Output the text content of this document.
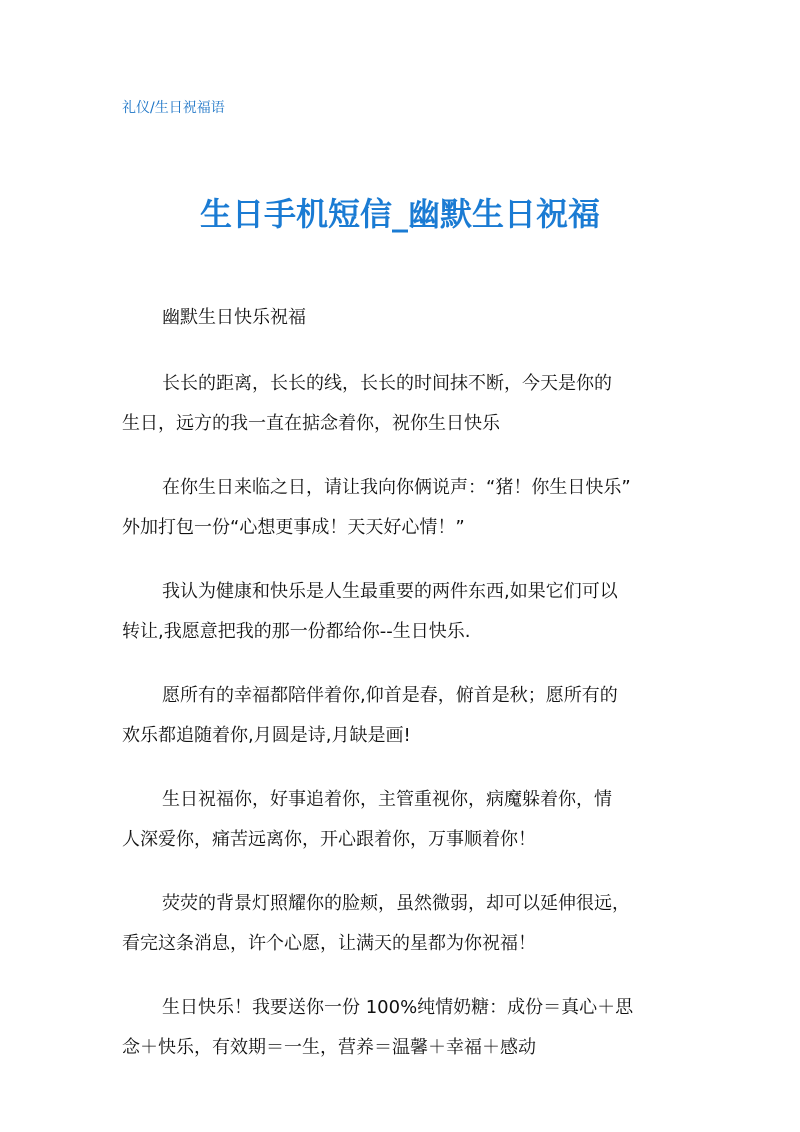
礼仪/生日祝福语
生日手机短信_幽默生日祝福

幽默生日快乐祝福

长长的距离，长长的线，长长的时间抹不断，今天是你的
生日，远方的我一直在掂念着你，祝你生日快乐

在你生日来临之日，请让我向你俩说声：“猪！你生日快乐”
外加打包一份“心想更事成！天天好心情！”

我认为健康和快乐是人生最重要的两件东西,如果它们可以
转让,我愿意把我的那一份都给你--生日快乐.

愿所有的幸福都陪伴着你,仰首是春，俯首是秋；愿所有的
欢乐都追随着你,月圆是诗,月缺是画!

生日祝福你，好事追着你，主管重视你，病魔躲着你，情
人深爱你，痛苦远离你，开心跟着你，万事顺着你！

荧荧的背景灯照耀你的脸颊，虽然微弱，却可以延伸很远，
看完这条消息，许个心愿，让满天的星都为你祝福！

生日快乐！我要送你一份 100%纯情奶糖：成份＝真心＋思
念＋快乐，有效期＝一生，营养＝温馨＋幸福＋感动
